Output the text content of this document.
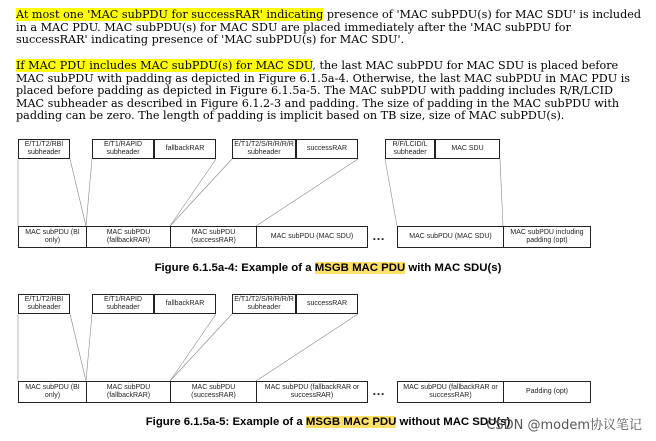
At most one 'MAC subPDU for successRAR' indicating presence of 'MAC subPDU(s) for MAC SDU' is included in a MAC PDU. MAC subPDU(s) for MAC SDU are placed immediately after the 'MAC subPDU for successRAR' indicating presence of 'MAC subPDU(s) for MAC SDU'.
If MAC PDU includes MAC subPDU(s) for MAC SDU, the last MAC subPDU for MAC SDU is placed before MAC subPDU with padding as depicted in Figure 6.1.5a-4. Otherwise, the last MAC subPDU in MAC PDU is placed before padding as depicted in Figure 6.1.5a-5. The MAC subPDU with padding includes R/R/LCID MAC subheader as described in Figure 6.1.2-3 and padding. The size of padding in the MAC subPDU with padding can be zero. The length of padding is implicit based on TB size, size of MAC subPDU(s).
E/T1/T2/RBI subheader
E/T1/RAPID subheader
fallbackRAR
E/T1/T2/S/R/R/R/R subheader
successRAR
R/F/LCID/L subheader
MAC SDU
MAC subPDU (BI only)
MAC subPDU (fallbackRAR)
MAC subPDU (successRAR)
MAC subPDU (MAC SDU)	…	MAC subPDU (MAC SDU)
MAC subPDU including padding (opt)
Figure 6.1.5a-4: Example of a MSGB MAC PDU with MAC SDU(s)
E/T1/T2/RBI subheader
E/T1/RAPID subheader
fallbackRAR
E/T1/T2/S/R/R/R/R subheader
successRAR
MAC subPDU (BI only)
MAC subPDU (fallbackRAR)
MAC subPDU (successRAR)
MAC subPDU (fallbackRAR or successRAR)	…	MAC subPDU (fallbackRAR or successRAR)
Padding (opt)
Figure 6.1.5a-5: Example of a MSGB MAC PDU without MAC SDU(s)
CSDN @modem协议笔记
